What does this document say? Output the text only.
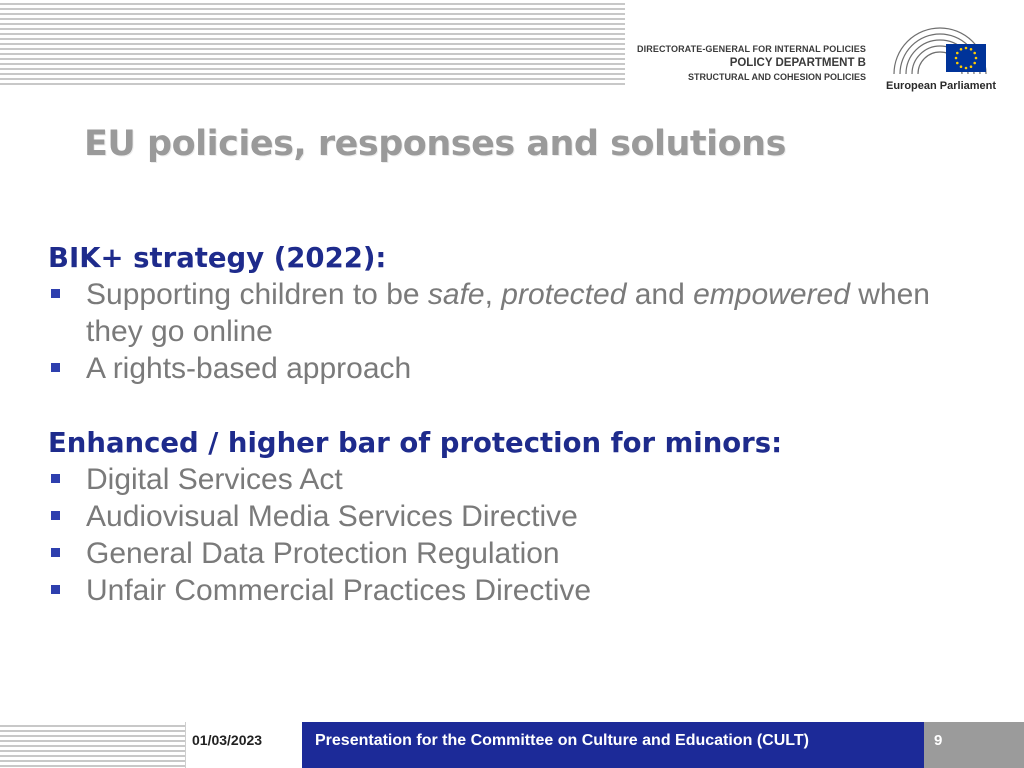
DIRECTORATE-GENERAL FOR INTERNAL POLICIES
POLICY DEPARTMENT B
STRUCTURAL AND COHESION POLICIES
European Parliament
EU policies, responses and solutions
BIK+ strategy (2022):
Supporting children to be safe, protected and empowered when they go online
A rights-based approach
Enhanced / higher bar of protection for minors:
Digital Services Act
Audiovisual Media Services Directive
General Data Protection Regulation
Unfair Commercial Practices Directive
01/03/2023	Presentation for the Committee on Culture and Education (CULT)	9
